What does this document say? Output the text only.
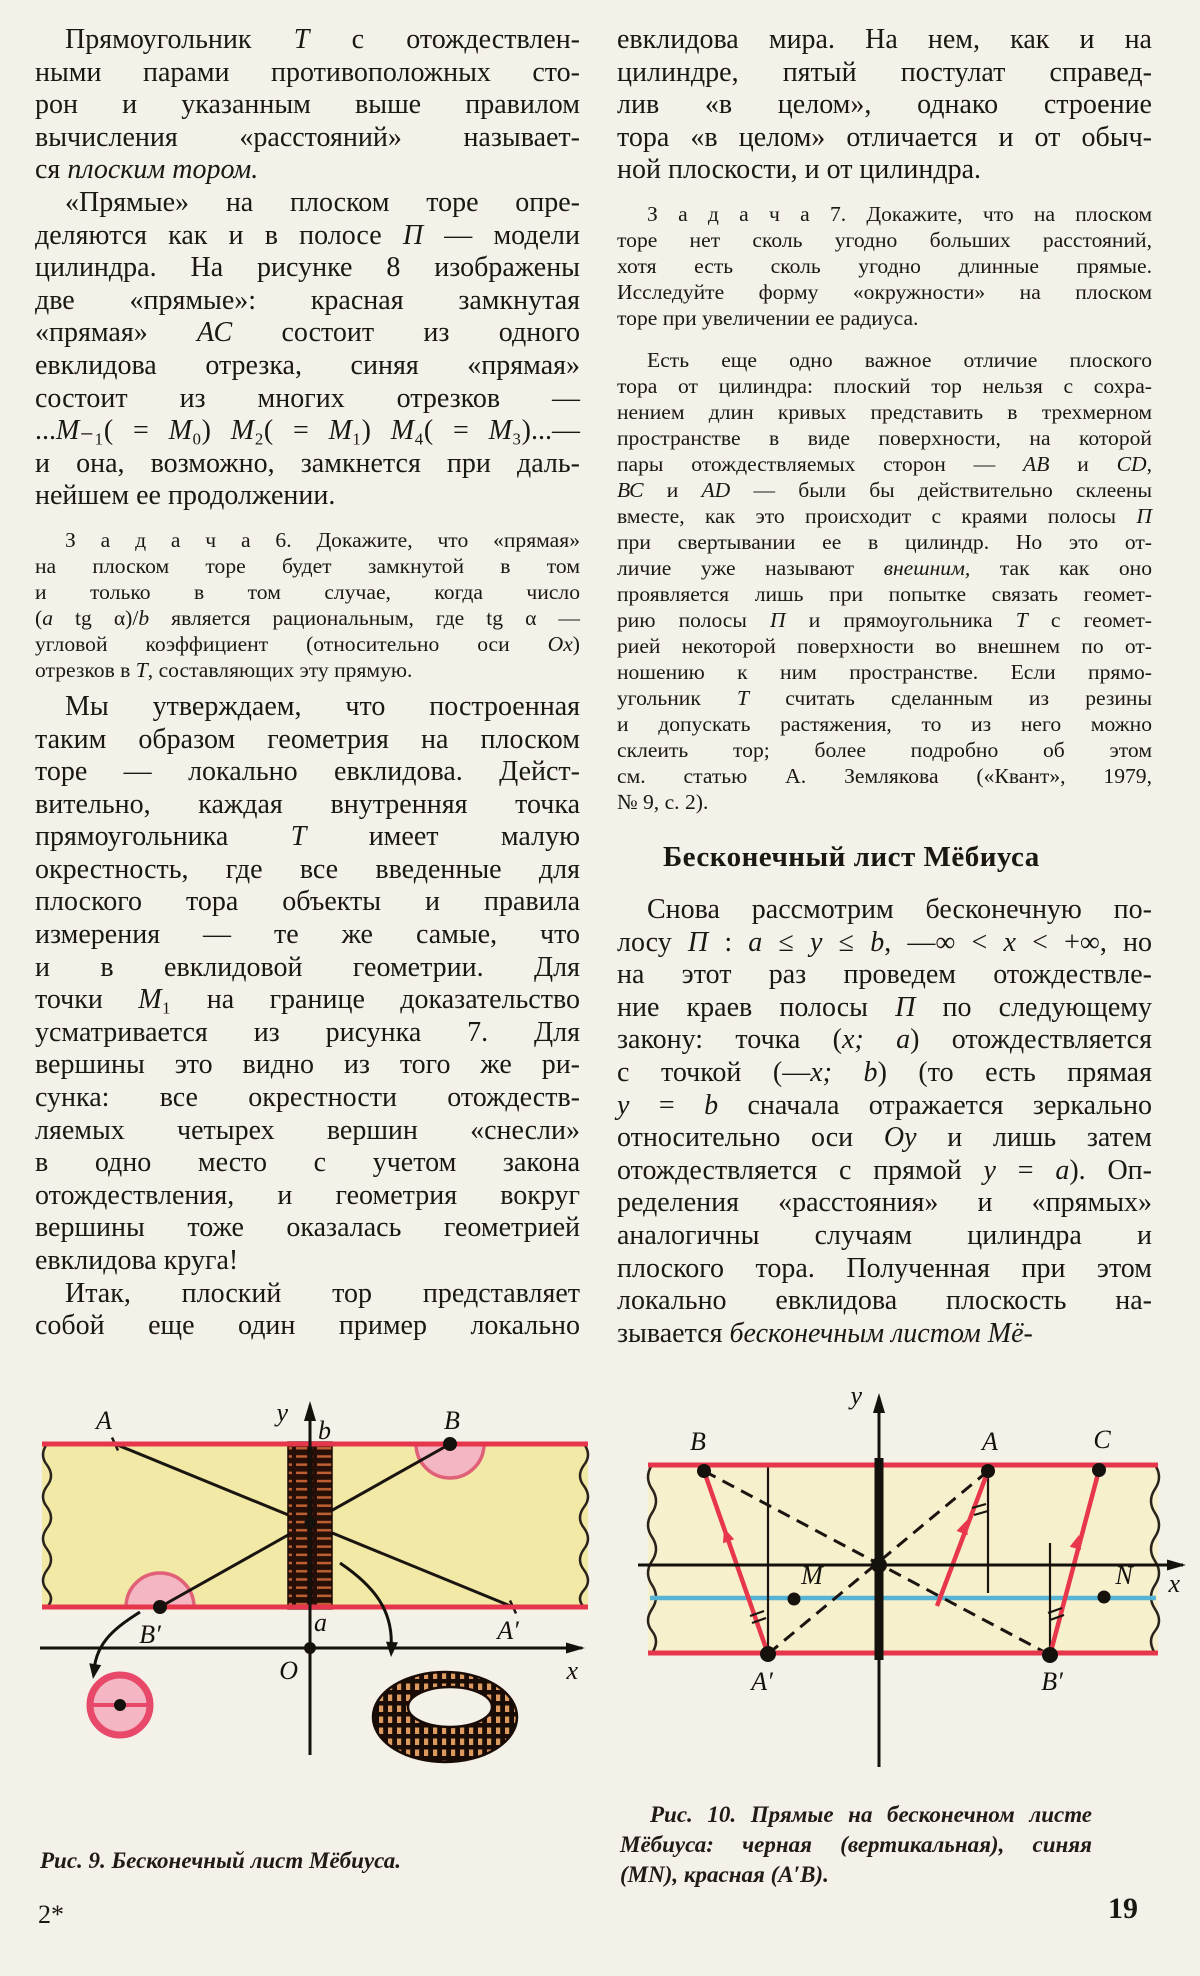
Прямоугольник Т с отождествлен-
ными парами противоположных сто-
рон и указанным выше правилом
вычисления «расстояний» называет-
ся плоским тором.
«Прямые» на плоском торе опре-
деляются как и в полосе П — модели
цилиндра. На рисунке 8 изображены
две «прямые»: красная замкнутая
«прямая» АС состоит из одного
евклидова отрезка, синяя «прямая»
состоит из многих отрезков —
...М₋₁( = М₀) М₂( = М₁) М₄( = М₃)...—
и она, возможно, замкнется при даль-
нейшем ее продолжении.
З а д а ч а 6. Докажите, что «прямая»
на плоском торе будет замкнутой в том
и только в том случае, когда число
(a tg α)/b является рациональным, где tg α —
угловой коэффициент (относительно оси Ох)
отрезков в Т, составляющих эту прямую.
Мы утверждаем, что построенная
таким образом геометрия на плоском
торе — локально евклидова. Дейст-
вительно, каждая внутренняя точка
прямоугольника Т имеет малую
окрестность, где все введенные для
плоского тора объекты и правила
измерения — те же самые, что
и в евклидовой геометрии. Для
точки М₁ на границе доказательство
усматривается из рисунка 7. Для
вершины это видно из того же ри-
сунка: все окрестности отождеств-
ляемых четырех вершин «снесли»
в одно место с учетом закона
отождествления, и геометрия вокруг
вершины тоже оказалась геометрией
евклидова круга!
Итак, плоский тор представляет
собой еще один пример локально
евклидова мира. На нем, как и на
цилиндре, пятый постулат справед-
лив «в целом», однако строение
тора «в целом» отличается и от обыч-
ной плоскости, и от цилиндра.
З а д а ч а 7. Докажите, что на плоском
торе нет сколь угодно больших расстояний,
хотя есть сколь угодно длинные прямые.
Исследуйте форму «окружности» на плоском
торе при увеличении ее радиуса.
Есть еще одно важное отличие плоского
тора от цилиндра: плоский тор нельзя с сохра-
нением длин кривых представить в трехмерном
пространстве в виде поверхности, на которой
пары отождествляемых сторон — АВ и CD,
ВС и AD — были бы действительно склеены
вместе, как это происходит с краями полосы П
при свертывании ее в цилиндр. Но это от-
личие уже называют внешним, так как оно
проявляется лишь при попытке связать геомет-
рию полосы П и прямоугольника Т с геомет-
рией некоторой поверхности во внешнем по от-
ношению к ним пространстве. Если прямо-
угольник Т считать сделанным из резины
и допускать растяжения, то из него можно
склеить тор; более подробно об этом
см. статью А. Землякова («Квант», 1979,
№ 9, с. 2).
Бесконечный лист Мёбиуса
Снова рассмотрим бесконечную по-
лосу П : a ≤ y ≤ b, —∞ < x < +∞, но
на этот раз проведем отождествле-
ние краев полосы П по следующему
закону: точка (х; а) отождествляется
с точкой (—х; b) (то есть прямая
y = b сначала отражается зеркально
относительно оси Оу и лишь затем
отождествляется с прямой у = а). Оп-
ределения «расстояния» и «прямых»
аналогичны случаям цилиндра и
плоского тора. Полученная при этом
локально евклидова плоскость на-
зывается бесконечным листом Мё-
y
b
a
O	x
A	B
B′	A′
y
x
B	A	C
A′	B′
M	N
Рис. 9. Бесконечный лист Мёбиуса.
Рис. 10. Прямые на бесконечном листе
Мёбиуса: черная (вертикальная), синяя
(МN), красная (А′В).
2*	19
